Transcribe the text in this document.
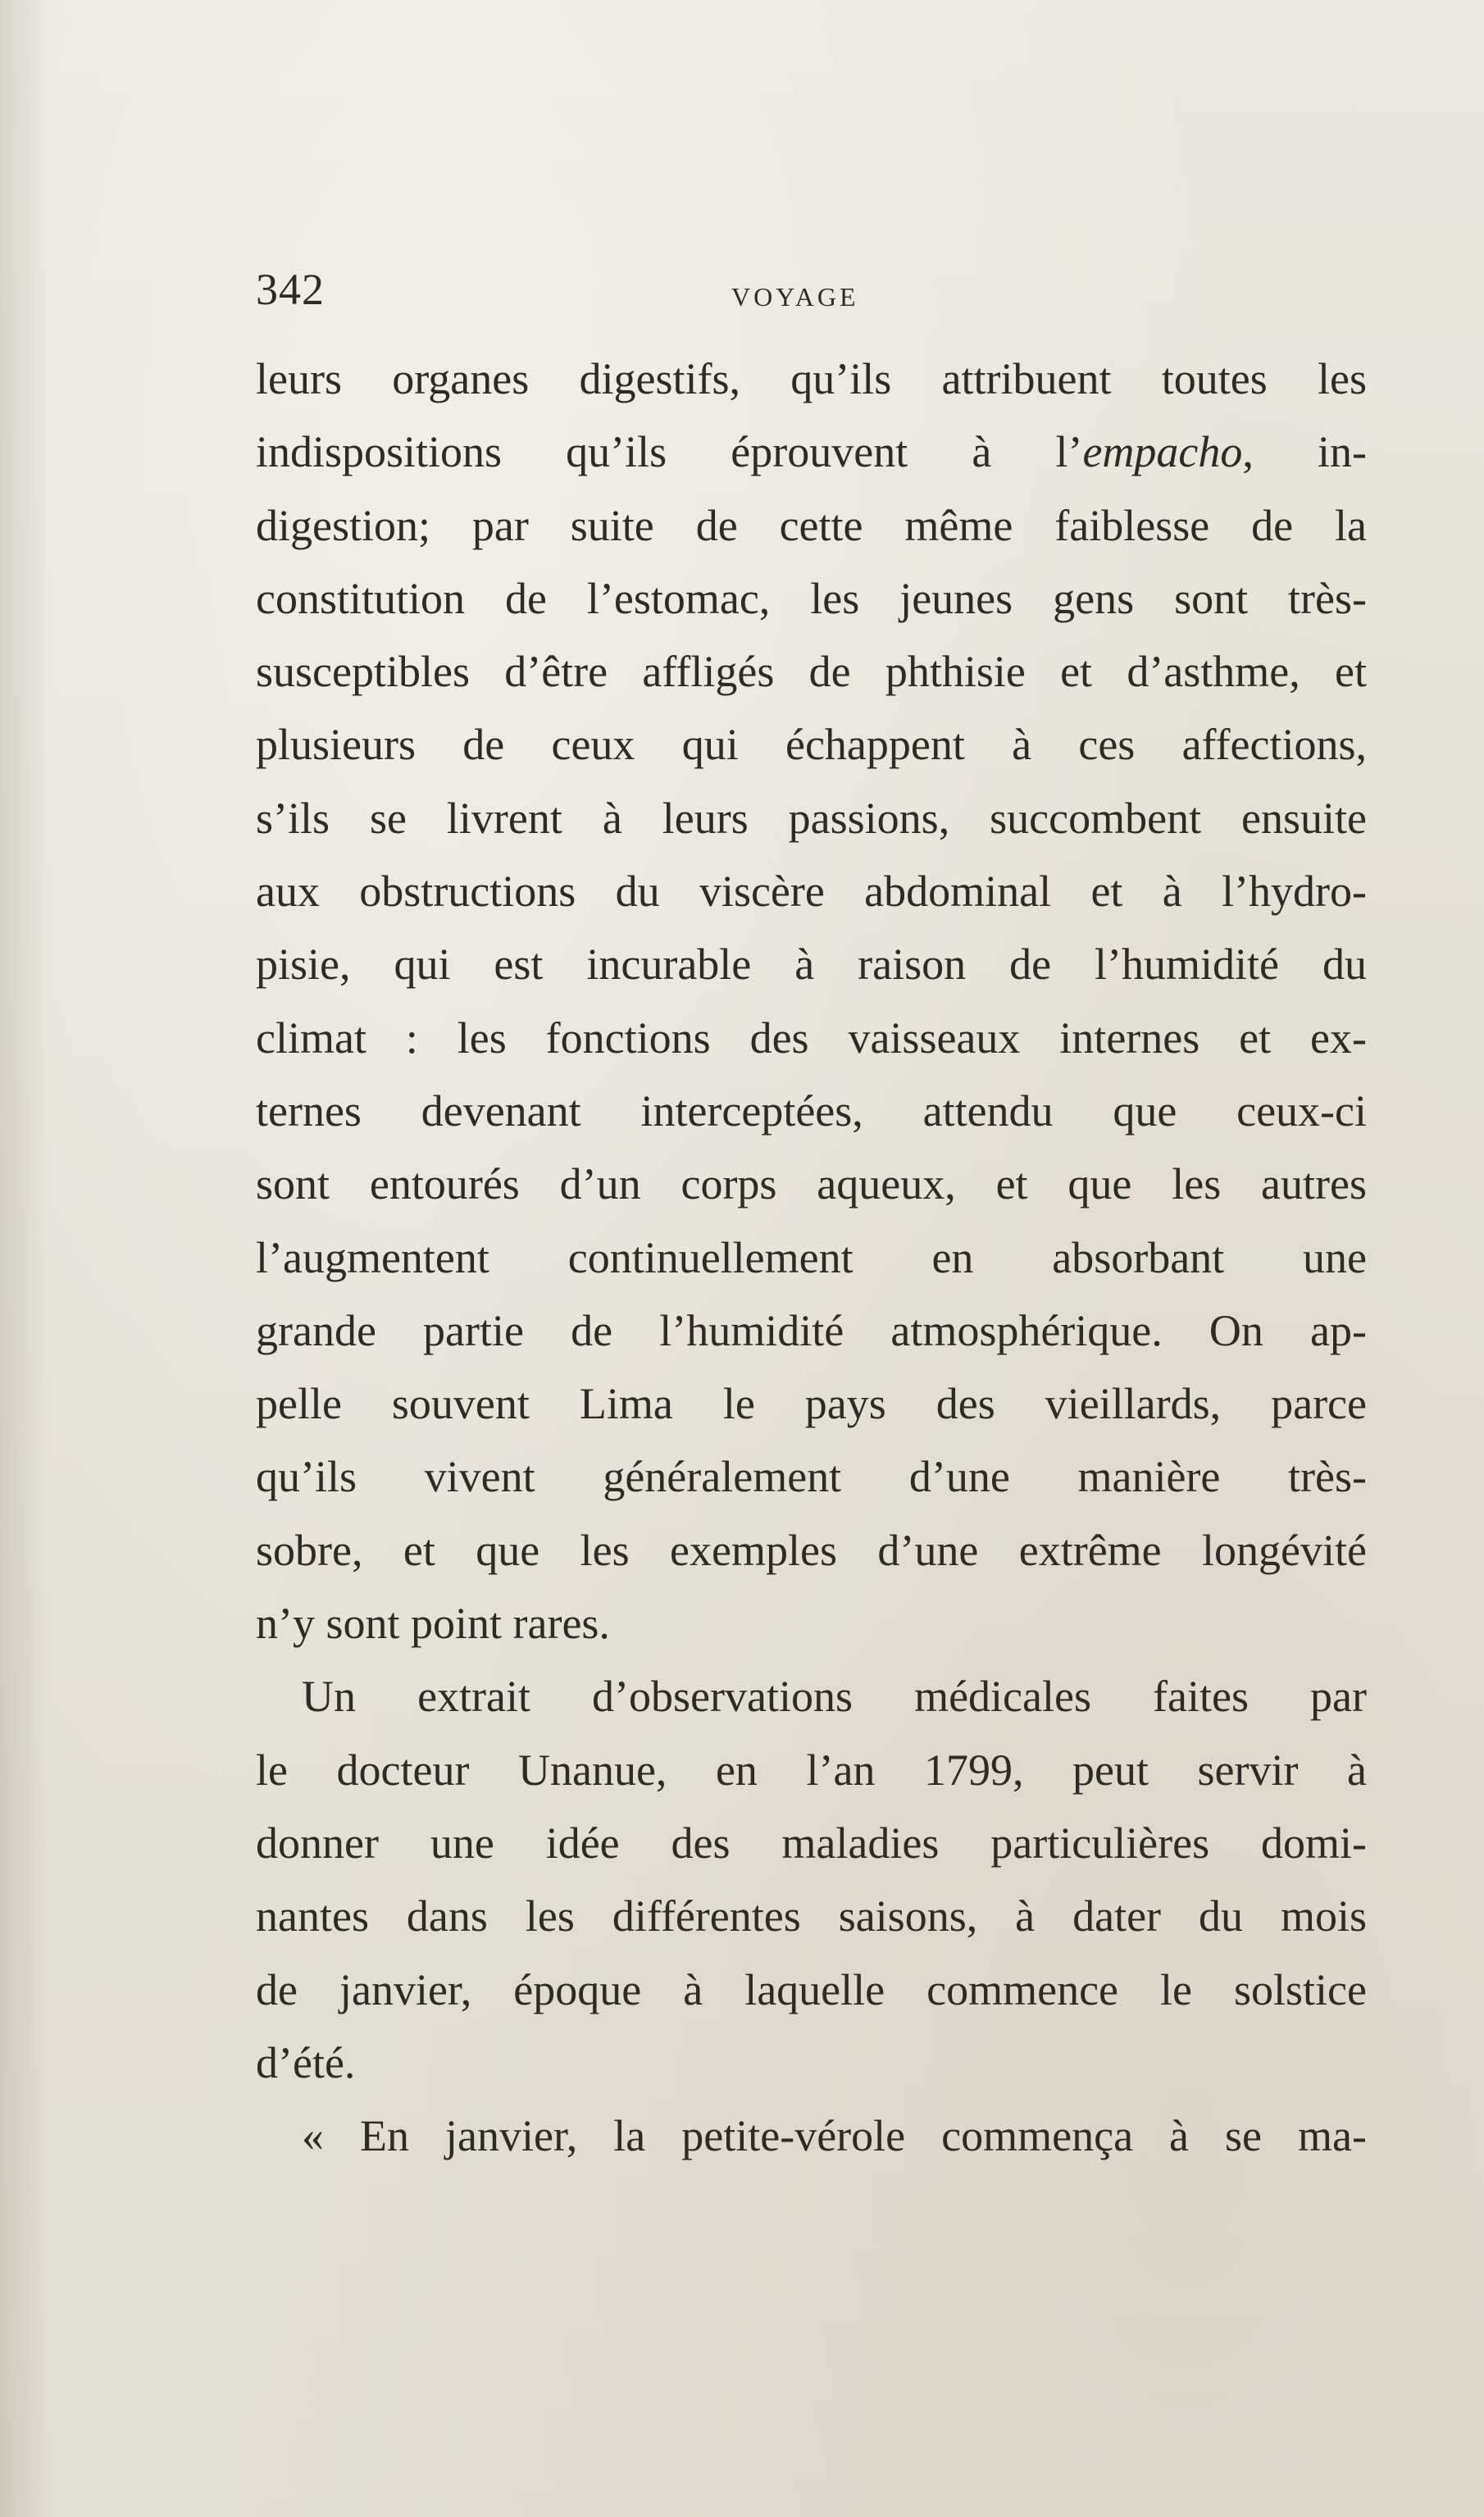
342	VOYAGE
leurs organes digestifs, qu’ils attribuent toutes les
indispositions qu’ils éprouvent à l’empacho, in-
digestion; par suite de cette même faiblesse de la
constitution de l’estomac, les jeunes gens sont très-
susceptibles d’être affligés de phthisie et d’asthme, et
plusieurs de ceux qui échappent à ces affections,
s’ils se livrent à leurs passions, succombent ensuite
aux obstructions du viscère abdominal et à l’hydro-
pisie, qui est incurable à raison de l’humidité du
climat : les fonctions des vaisseaux internes et ex-
ternes devenant interceptées, attendu que ceux-ci
sont entourés d’un corps aqueux, et que les autres
l’augmentent continuellement en absorbant une
grande partie de l’humidité atmosphérique. On ap-
pelle souvent Lima le pays des vieillards, parce
qu’ils vivent généralement d’une manière très-
sobre, et que les exemples d’une extrême longévité
n’y sont point rares.
Un extrait d’observations médicales faites par
le docteur Unanue, en l’an 1799, peut servir à
donner une idée des maladies particulières domi-
nantes dans les différentes saisons, à dater du mois
de janvier, époque à laquelle commence le solstice
d’été.
« En janvier, la petite-vérole commença à se ma-
